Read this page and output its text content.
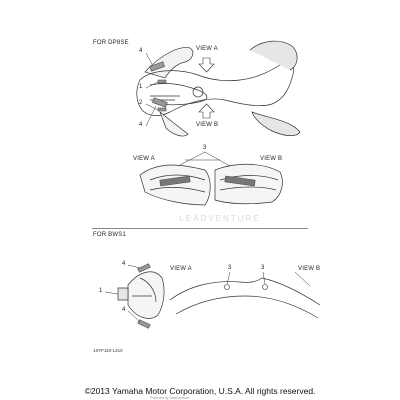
FOR DP8SE
VIEW A
VIEW B
4
1
2
4
3
VIEW A	VIEW B
LEADVENTURE
FOR BWS1
4
1
4
VIEW A	VIEW B
3	3
1STF110-L410
©2013 Yamaha Motor Corporation, U.S.A. All rights reserved.
Powered by LeadVenture
